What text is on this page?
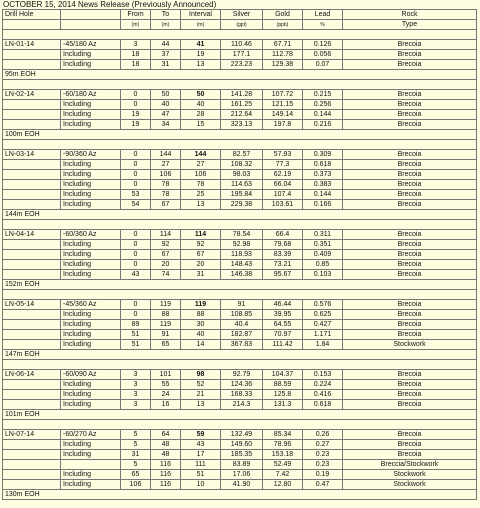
OCTOBER 15, 2014 News Release (Previously Announced)
Drill Hole		From	To	Interval	Silver	Gold	Lead	Rock
		(m)	(m)	(m)	(gpt)	(ppb)	%	Type

LN-01-14	-45/180 Az	3	44	41	110.46	67.71	0.126	Brecoia
	Including	18	37	19	177.1	112.78	0.056	Brecoia
	Including	18	31	13	223.23	129.38	0.07	Brecoia
95m EOH								

LN-02-14	-60/180 Az	0	50	50	141.28	107.72	0.215	Brecoia
	Including	0	40	40	161.25	121.15	0.256	Brecoia
	Including	19	47	28	212.64	149.14	0.144	Brecoia
	Including	19	34	15	323.13	197.8	0.216	Brecoia
100m EOH								

LN-03-14	-90/360 Az	0	144	144	82.57	57.93	0.309	Brecoia
	Including	0	27	27	108.32	77.3	0.618	Brecoia
	Including	0	106	106	98.03	62.19	0.373	Brecoia
	Including	0	78	78	114.63	66.04	0.383	Brecoia
	Including	53	78	25	195.84	107.4	0.144	Brecoia
	Including	54	67	13	229.38	103.61	0.166	Brecoia
144m EOH								

LN-04-14	-60/360 Az	0	114	114	78.54	66.4	0.311	Brecoia
	Including	0	92	92	92.98	79.68	0.351	Brecoia
	Including	0	67	67	118.93	83.39	0.409	Brecoia
	Including	0	20	20	148.43	73.21	0.85	Brecoia
	Including	43	74	31	146.38	95.67	0.103	Brecoia
152m EOH								

LN-05-14	-45/360 Az	0	119	119	91	46.44	0.576	Brecoia
	Including	0	88	88	108.85	39.95	0.625	Brecoia
	Including	89	119	30	40.4	64.55	0.427	Brecoia
	Including	51	91	40	182.87	70.97	1.171	Brecoia
	Including	51	65	14	367.83	111.42	1.84	Stockwork
147m EOH								

LN-06-14	-60/090 Az	3	101	98	92.79	104.37	0.153	Brecoia
	Including	3	55	52	124.36	88.59	0.224	Brecoia
	Including	3	24	21	168.33	125.8	0.416	Brecoia
	Including	3	16	13	214.3	131.3	0.618	Brecoia
101m EOH								

LN-07-14	-60/270 Az	5	64	59	132.49	85.34	0.26	Brecoia
	Including	5	48	43	149.60	78.96	0.27	Brecoia
	Including	31	48	17	185.35	153.18	0.23	Brecoia
		5	116	111	83.89	52.49	0.23	Breccia/Stockwork
	Including	65	116	51	17.06	7.42	0.19	Stockwork
	Including	106	116	10	41.90	12.80	0.47	Stockwork
130m EOH								
